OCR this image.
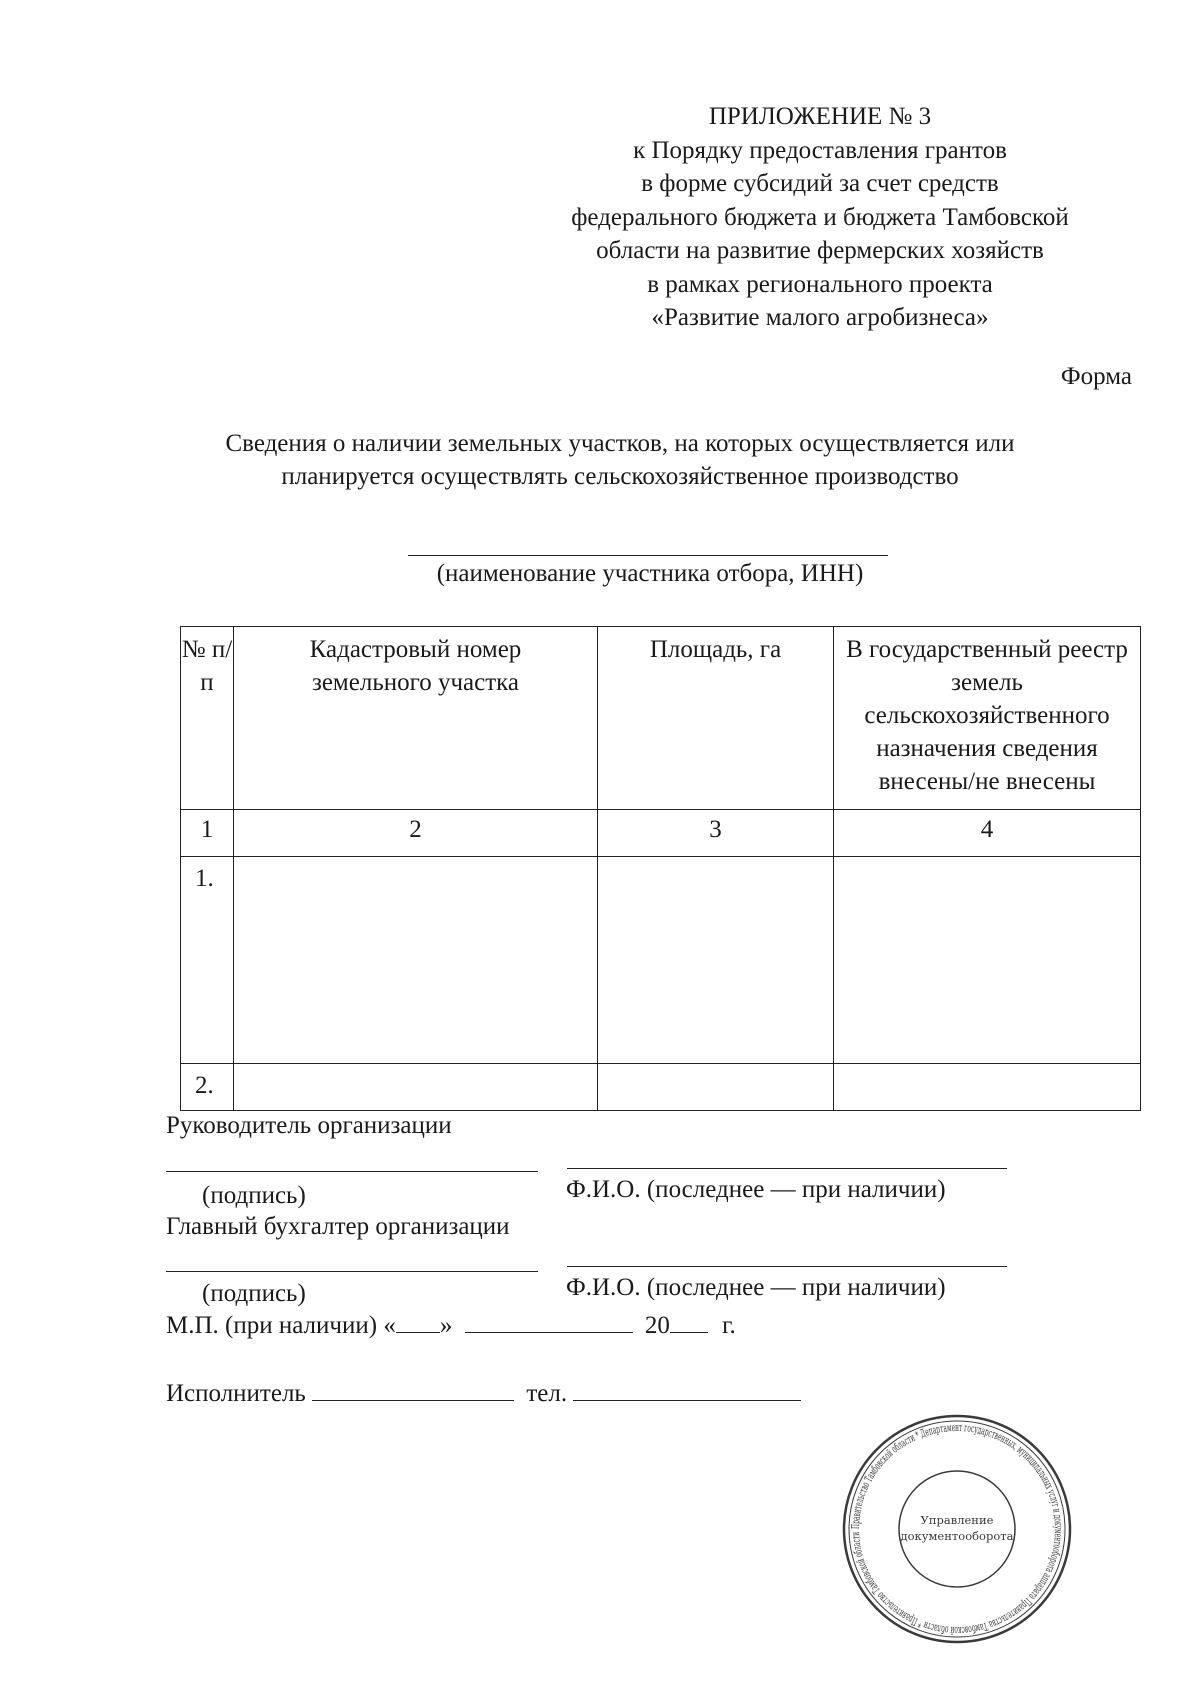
ПРИЛОЖЕНИЕ № 3
к Порядку предоставления грантов
в форме субсидий за счет средств
федерального бюджета и бюджета Тамбовской
области на развитие фермерских хозяйств
в рамках регионального проекта
«Развитие малого агробизнеса»
Форма
Сведения о наличии земельных участков, на которых осуществляется или
планируется осуществлять сельскохозяйственное производство
(наименование участника отбора, ИНН)
№ п/п	Кадастровый номер земельного участка	Площадь, га	В государственный реестр земель сельскохозяйственного назначения сведения внесены/не внесены

1	2	3	4
1.			
2.			
Руководитель организации
(подпись)	Ф.И.О. (последнее — при наличии)
Главный бухгалтер организации
(подпись)	Ф.И.О. (последнее — при наличии)
М.П. (при наличии) « »	20 г.
Исполнитель	тел.
Правительство Тамбовской области * Департамент государственных, муниципальных услуг и документооборота аппарата Правительства Тамбовской области * Правительство Тамбовской области
Управление
документооборота
